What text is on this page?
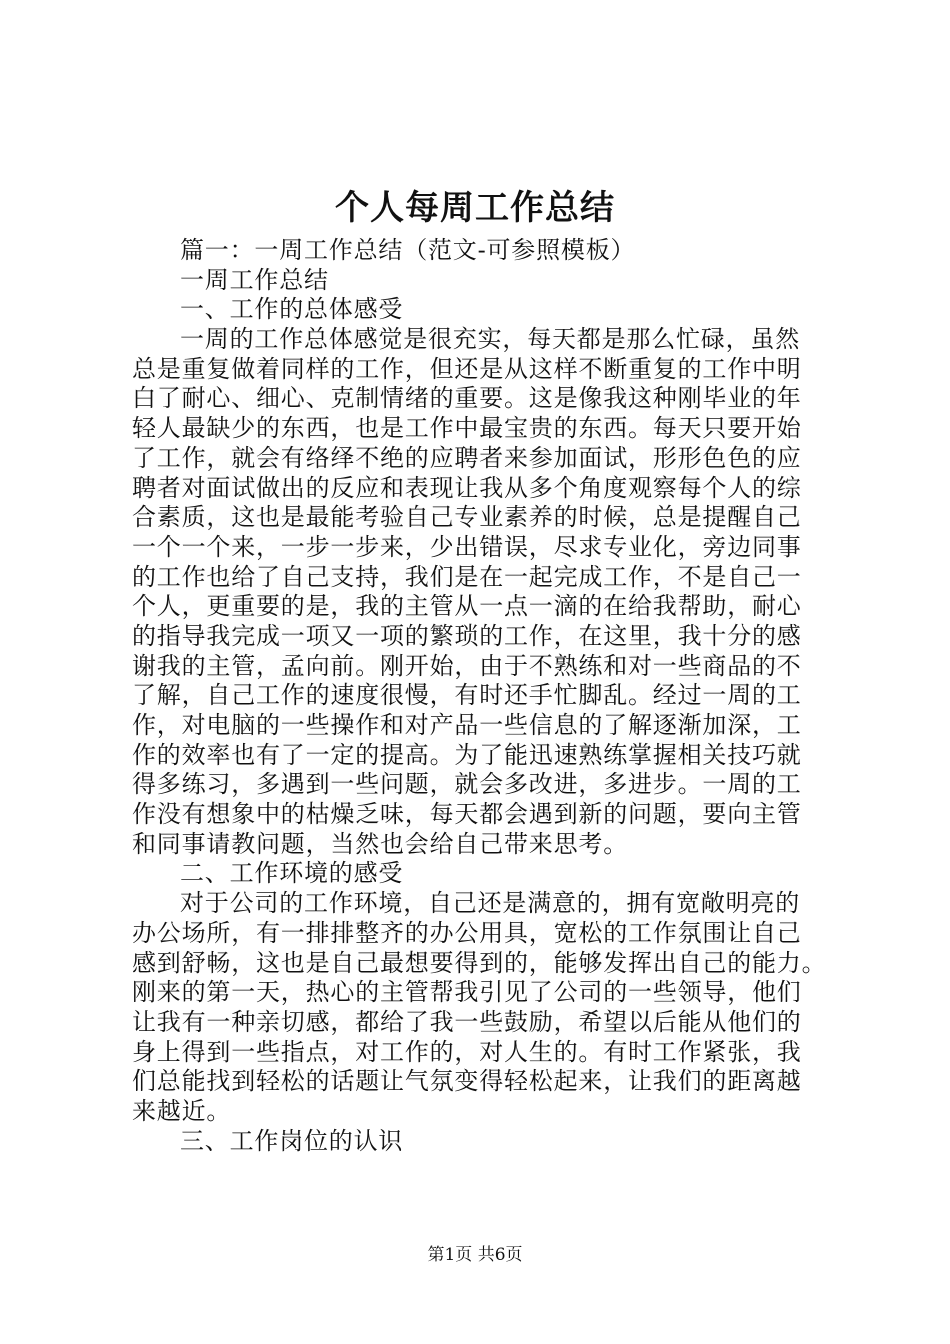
个人每周工作总结
篇一：一周工作总结（范文-可参照模板）
一周工作总结
一、工作的总体感受
一周的工作总体感觉是很充实，每天都是那么忙碌，虽然
总是重复做着同样的工作，但还是从这样不断重复的工作中明
白了耐心、细心、克制情绪的重要。这是像我这种刚毕业的年
轻人最缺少的东西，也是工作中最宝贵的东西。每天只要开始
了工作，就会有络绎不绝的应聘者来参加面试，形形色色的应
聘者对面试做出的反应和表现让我从多个角度观察每个人的综
合素质，这也是最能考验自己专业素养的时候，总是提醒自己
一个一个来，一步一步来，少出错误，尽求专业化，旁边同事
的工作也给了自己支持，我们是在一起完成工作，不是自己一
个人，更重要的是，我的主管从一点一滴的在给我帮助，耐心
的指导我完成一项又一项的繁琐的工作，在这里，我十分的感
谢我的主管，孟向前。刚开始，由于不熟练和对一些商品的不
了解，自己工作的速度很慢，有时还手忙脚乱。经过一周的工
作，对电脑的一些操作和对产品一些信息的了解逐渐加深，工
作的效率也有了一定的提高。为了能迅速熟练掌握相关技巧就
得多练习，多遇到一些问题，就会多改进，多进步。一周的工
作没有想象中的枯燥乏味，每天都会遇到新的问题，要向主管
和同事请教问题，当然也会给自己带来思考。
二、工作环境的感受
对于公司的工作环境，自己还是满意的，拥有宽敞明亮的
办公场所，有一排排整齐的办公用具，宽松的工作氛围让自己
感到舒畅，这也是自己最想要得到的，能够发挥出自己的能力。
刚来的第一天，热心的主管帮我引见了公司的一些领导，他们
让我有一种亲切感，都给了我一些鼓励，希望以后能从他们的
身上得到一些指点，对工作的，对人生的。有时工作紧张，我
们总能找到轻松的话题让气氛变得轻松起来，让我们的距离越
来越近。
三、工作岗位的认识
第1页 共6页
